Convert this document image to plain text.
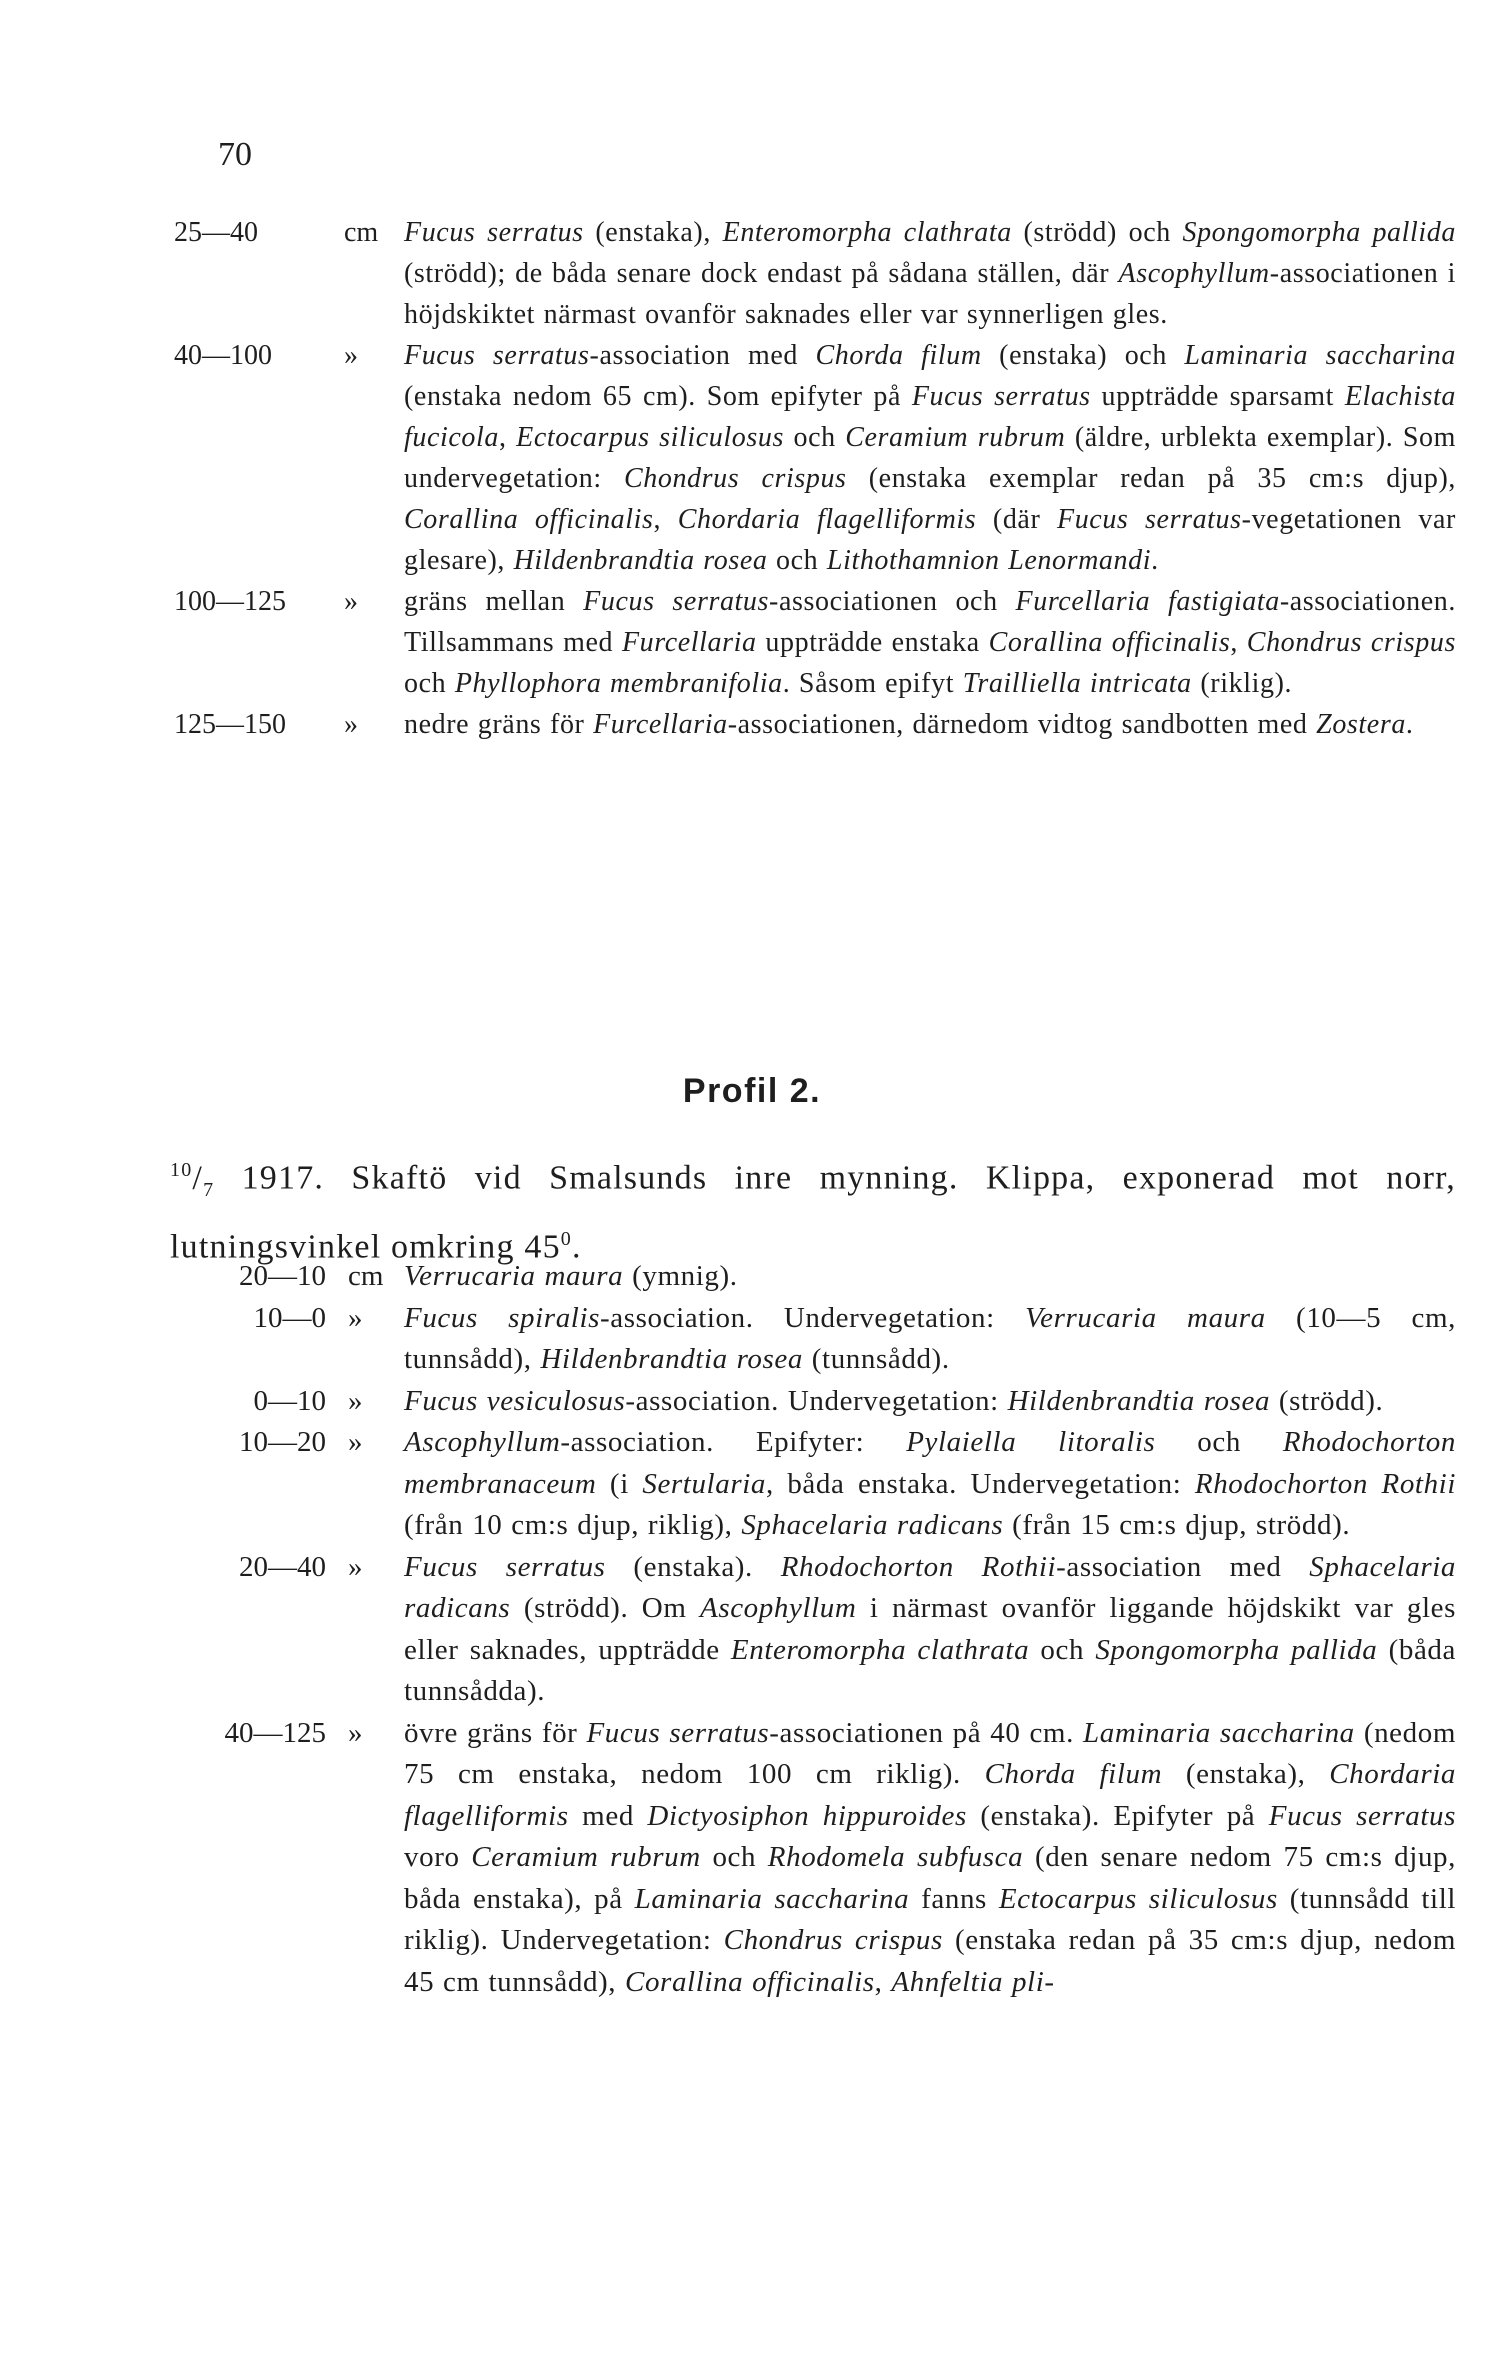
70
25—40	cm Fucus serratus (enstaka), Enteromorpha clathrata (strödd) och Spongomorpha pallida (strödd); de båda senare dock endast på sådana ställen, där Ascophyllum-associationen i höjdskiktet närmast ovanför saknades eller var synnerligen gles.
40—100	»	Fucus serratus-association med Chorda filum (enstaka) och Laminaria saccharina (enstaka nedom 65 cm). Som epifyter på Fucus serratus uppträdde sparsamt Elachista fucicola, Ectocarpus siliculosus och Ceramium rubrum (äldre, urblekta exemplar). Som undervegetation: Chondrus crispus (enstaka exemplar redan på 35 cm:s djup), Corallina officinalis, Chordaria flagelliformis (där Fucus serratus-vegetationen var glesare), Hildenbrandtia rosea och Lithothamnion Lenormandi.
100—125	»	gräns mellan Fucus serratus-associationen och Furcellaria fastigiata-associationen. Tillsammans med Furcellaria uppträdde enstaka Corallina officinalis, Chondrus crispus och Phyllophora membranifolia. Såsom epifyt Trailliella intricata (riklig).
125—150	»	nedre gräns för Furcellaria-associationen, därnedom vidtog sandbotten med Zostera.
Profil 2.
$^{10}/_7$ 1917. Skaftö vid Smalsunds inre mynning. Klippa, exponerad mot norr, lutningsvinkel omkring $45^0$.
20—10 cm Verrucaria maura (ymnig).
10—0 »	Fucus spiralis-association. Undervegetation: Verrucaria maura (10—5 cm, tunnsådd), Hildenbrandtia rosea (tunnsådd).
0—10 »	Fucus vesiculosus-association. Undervegetation: Hildenbrandtia rosea (strödd).
10—20 »	Ascophyllum-association. Epifyter: Pylaiella litoralis och Rhodochorton membranaceum (i Sertularia, båda enstaka. Undervegetation: Rhodochorton Rothii (från 10 cm:s djup, riklig), Sphacelaria radicans (från 15 cm:s djup, strödd).
20—40 »	Fucus serratus (enstaka). Rhodochorton Rothii-association med Sphacelaria radicans (strödd). Om Ascophyllum i närmast ovanför liggande höjdskikt var gles eller saknades, uppträdde Enteromorpha clathrata och Spongomorpha pallida (båda tunnsådda).
40—125 »	övre gräns för Fucus serratus-associationen på 40 cm. Laminaria saccharina (nedom 75 cm enstaka, nedom 100 cm riklig). Chorda filum (enstaka), Chordaria flagelliformis med Dictyosiphon hippuroides (enstaka). Epifyter på Fucus serratus voro Ceramium rubrum och Rhodomela subfusca (den senare nedom 75 cm:s djup, båda enstaka), på Laminaria saccharina fanns Ectocarpus siliculosus (tunnsådd till riklig). Undervegetation: Chondrus crispus (enstaka redan på 35 cm:s djup, nedom 45 cm tunnsådd), Corallina officinalis, Ahnfeltia pli-
